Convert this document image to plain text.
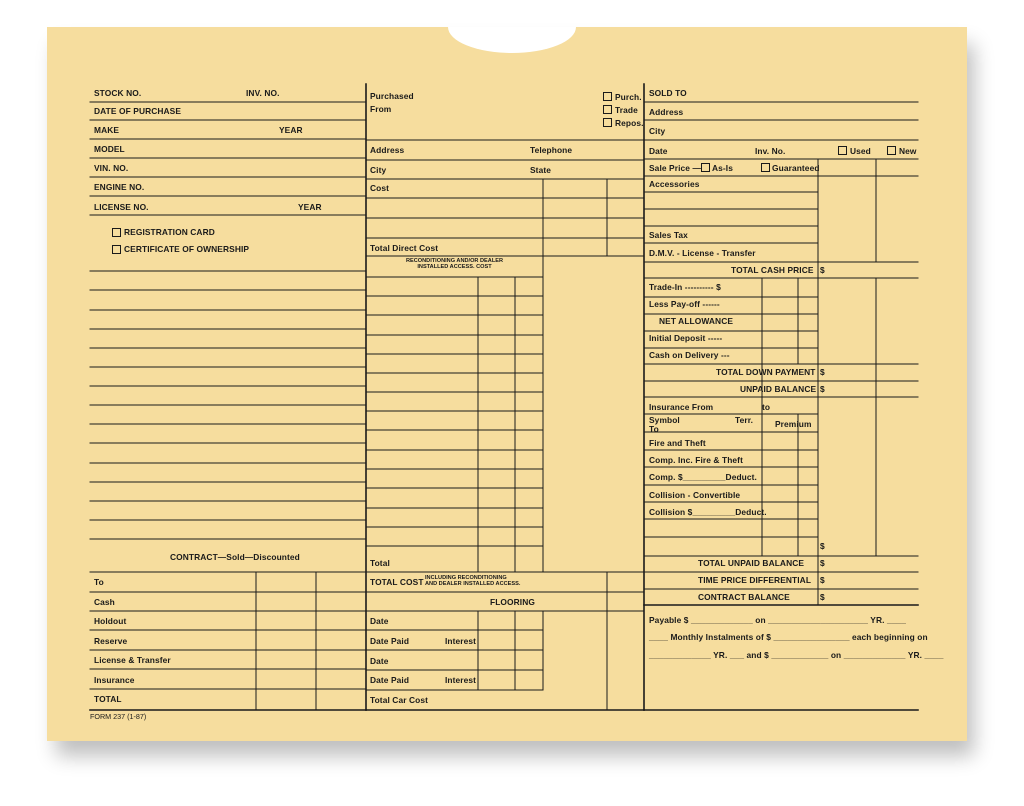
STOCK NO.	INV. NO.
DATE OF PURCHASE
MAKE	YEAR
MODEL
VIN. NO.
ENGINE NO.
LICENSE NO.	YEAR
REGISTRATION CARD
CERTIFICATE OF OWNERSHIP
CONTRACT—Sold—Discounted
To
Cash
Holdout
Reserve
License & Transfer
Insurance
TOTAL
FORM 237 (1-87)
Purchased
From
Purch.
Trade
Repos.
Address	Telephone
City	State
Cost
Total Direct Cost
RECONDITIONING AND/OR DEALER
INSTALLED ACCESS. COST
Total
TOTAL COST INCLUDING RECONDITIONING
AND DEALER INSTALLED ACCESS.
FLOORING
Date
Date Paid	Interest
Date
Date Paid	Interest
Total Car Cost
SOLD TO
Address
City
Date	Inv. No.	Used	New
Sale Price — As-Is	Guaranteed
Accessories
Sales Tax
D.M.V. - License - Transfer
TOTAL CASH PRICE $
Trade-In ---------- $
Less Pay-off ------
NET ALLOWANCE
Initial Deposit -----
Cash on Delivery ---
TOTAL DOWN PAYMENT $
UNPAID BALANCE $
Insurance From	to
Symbol
To
Terr.	Premium
Fire and Theft
Comp. Inc. Fire & Theft
Comp. $_________Deduct.
Collision - Convertible
Collision $_________Deduct.
$
TOTAL UNPAID BALANCE $
TIME PRICE DIFFERENTIAL $
CONTRACT BALANCE	$
Payable $ _____________ on _____________________ YR. ____
____ Monthly Instalments of $ ________________ each beginning on
_____________ YR. ___ and $ ____________ on _____________ YR. ____
